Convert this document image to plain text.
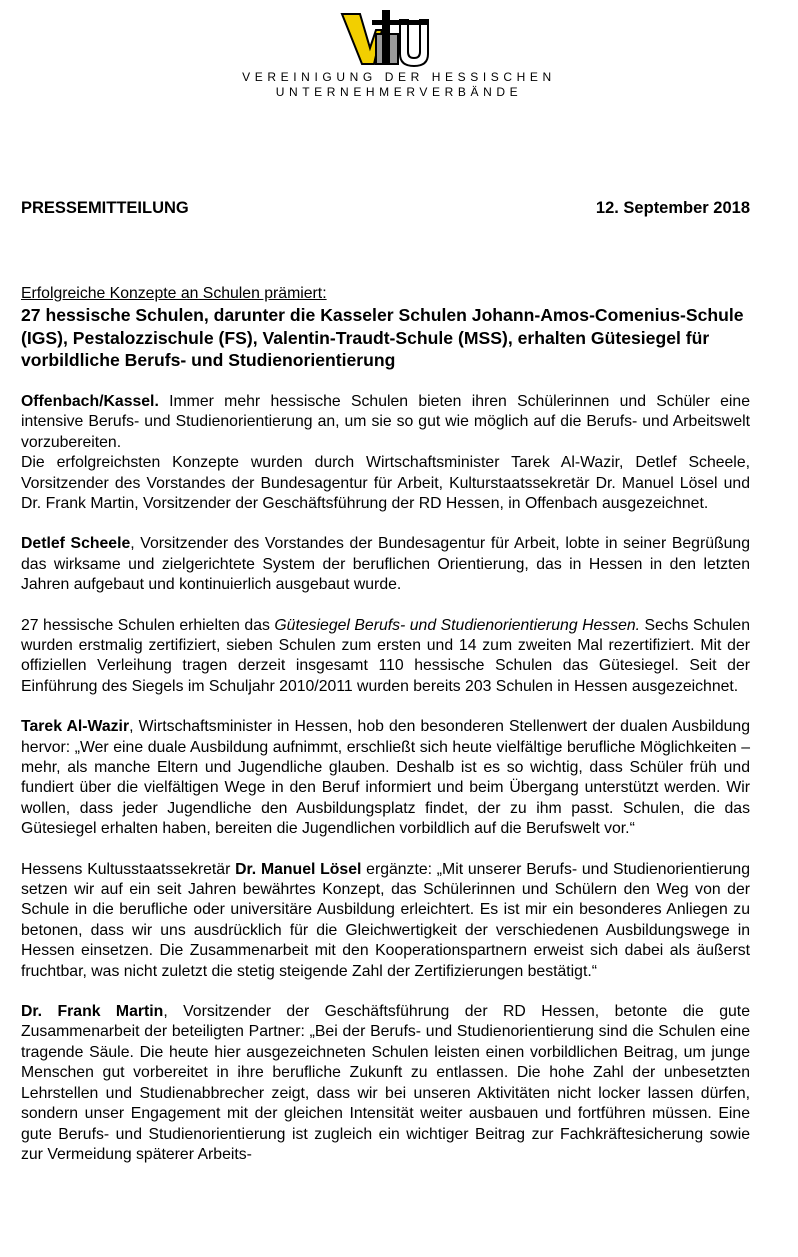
VEREINIGUNG DER HESSISCHEN
UNTERNEHMERVERBÄNDE
PRESSEMITTEILUNG	12. September 2018

Erfolgreiche Konzepte an Schulen prämiert:

27 hessische Schulen, darunter die Kasseler Schulen Johann-Amos-Comenius-Schule (IGS), Pestalozzischule (FS), Valentin-Traudt-Schule (MSS), erhalten Gütesiegel für vorbildliche Berufs- und Studienorientierung

Offenbach/Kassel. Immer mehr hessische Schulen bieten ihren Schülerinnen und Schüler eine intensive Berufs- und Studienorientierung an, um sie so gut wie möglich auf die Berufs- und Arbeitswelt vorzubereiten.

Die erfolgreichsten Konzepte wurden durch Wirtschaftsminister Tarek Al-Wazir, Detlef Scheele, Vorsitzender des Vorstandes der Bundesagentur für Arbeit, Kulturstaatssekretär Dr. Manuel Lösel und Dr. Frank Martin, Vorsitzender der Geschäftsführung der RD Hessen, in Offenbach ausgezeichnet.

Detlef Scheele, Vorsitzender des Vorstandes der Bundesagentur für Arbeit, lobte in seiner Begrüßung das wirksame und zielgerichtete System der beruflichen Orientierung, das in Hessen in den letzten Jahren aufgebaut und kontinuierlich ausgebaut wurde.

27 hessische Schulen erhielten das Gütesiegel Berufs- und Studienorientierung Hessen. Sechs Schulen wurden erstmalig zertifiziert, sieben Schulen zum ersten und 14 zum zweiten Mal rezertifiziert. Mit der offiziellen Verleihung tragen derzeit insgesamt 110 hessische Schulen das Gütesiegel. Seit der Einführung des Siegels im Schuljahr 2010/2011 wurden bereits 203 Schulen in Hessen ausgezeichnet.

Tarek Al-Wazir, Wirtschaftsminister in Hessen, hob den besonderen Stellenwert der dualen Ausbildung hervor: „Wer eine duale Ausbildung aufnimmt, erschließt sich heute vielfältige berufliche Möglichkeiten – mehr, als manche Eltern und Jugendliche glauben. Deshalb ist es so wichtig, dass Schüler früh und fundiert über die vielfältigen Wege in den Beruf informiert und beim Übergang unterstützt werden. Wir wollen, dass jeder Jugendliche den Ausbildungsplatz findet, der zu ihm passt. Schulen, die das Gütesiegel erhalten haben, bereiten die Jugendlichen vorbildlich auf die Berufswelt vor.“

Hessens Kultusstaatssekretär Dr. Manuel Lösel ergänzte: „Mit unserer Berufs- und Studienorientierung setzen wir auf ein seit Jahren bewährtes Konzept, das Schülerinnen und Schülern den Weg von der Schule in die berufliche oder universitäre Ausbildung erleichtert. Es ist mir ein besonderes Anliegen zu betonen, dass wir uns ausdrücklich für die Gleichwertigkeit der verschiedenen Ausbildungswege in Hessen einsetzen. Die Zusammenarbeit mit den Kooperationspartnern erweist sich dabei als äußerst fruchtbar, was nicht zuletzt die stetig steigende Zahl der Zertifizierungen bestätigt.“

Dr. Frank Martin, Vorsitzender der Geschäftsführung der RD Hessen, betonte die gute Zusammenarbeit der beteiligten Partner: „Bei der Berufs- und Studienorientierung sind die Schulen eine tragende Säule. Die heute hier ausgezeichneten Schulen leisten einen vorbildlichen Beitrag, um junge Menschen gut vorbereitet in ihre berufliche Zukunft zu entlassen. Die hohe Zahl der unbesetzten Lehrstellen und Studienabbrecher zeigt, dass wir bei unseren Aktivitäten nicht locker lassen dürfen, sondern unser Engagement mit der gleichen Intensität weiter ausbauen und fortführen müssen. Eine gute Berufs- und Studienorientierung ist zugleich ein wichtiger Beitrag zur Fachkräftesicherung sowie zur Vermeidung späterer Arbeits-
